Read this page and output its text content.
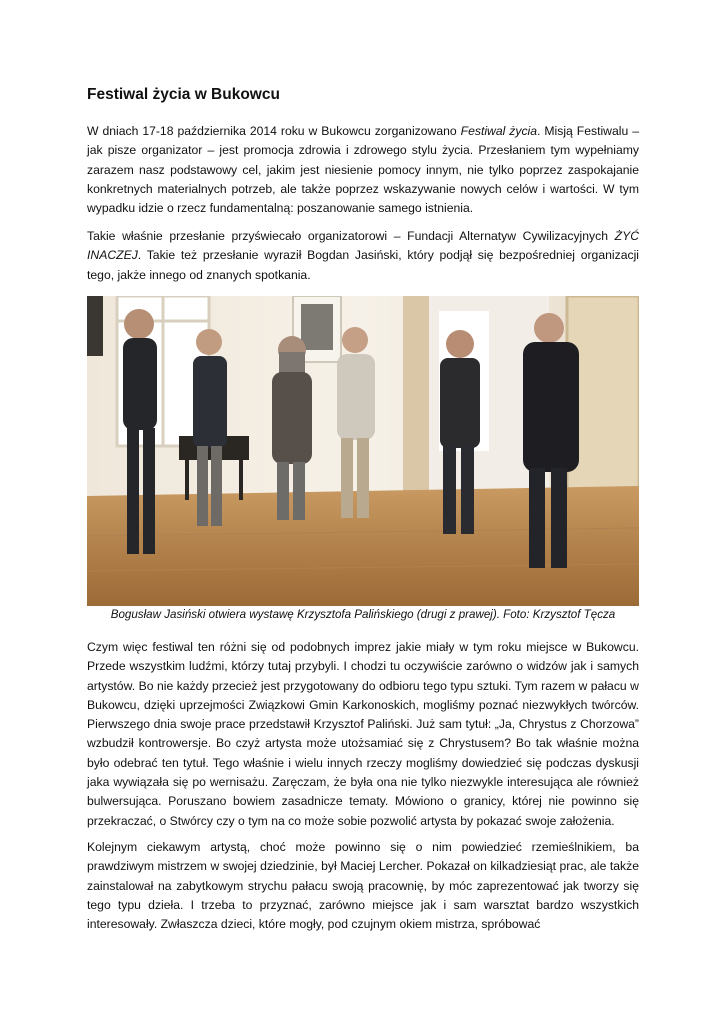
Festiwal życia w Bukowcu

W dniach 17-18 października 2014 roku w Bukowcu zorganizowano Festiwal życia. Misją Festiwalu – jak pisze organizator – jest promocja zdrowia i zdrowego stylu życia. Przesłaniem tym wypełniamy zarazem nasz podstawowy cel, jakim jest niesienie pomocy innym, nie tylko poprzez zaspokajanie konkretnych materialnych potrzeb, ale także poprzez wskazywanie nowych celów i wartości. W tym wypadku idzie o rzecz fundamentalną: poszanowanie samego istnienia.

Takie właśnie przesłanie przyświecało organizatorowi – Fundacji Alternatyw Cywilizacyjnych ŻYĆ INACZEJ. Takie też przesłanie wyraził Bogdan Jasiński, który podjął się bezpośredniej organizacji tego, jakże innego od znanych spotkania.

Bogusław Jasiński otwiera wystawę Krzysztofa Palińskiego (drugi z prawej). Foto: Krzysztof Tęcza

Czym więc festiwal ten różni się od podobnych imprez jakie miały w tym roku miejsce w Bukowcu. Przede wszystkim ludźmi, którzy tutaj przybyli. I chodzi tu oczywiście zarówno o widzów jak i samych artystów. Bo nie każdy przecież jest przygotowany do odbioru tego typu sztuki. Tym razem w pałacu w Bukowcu, dzięki uprzejmości Związkowi Gmin Karkonoskich, mogliśmy poznać niezwykłych twórców. Pierwszego dnia swoje prace przedstawił Krzysztof Paliński. Już sam tytuł: „Ja, Chrystus z Chorzowa” wzbudził kontrowersje. Bo czyż artysta może utożsamiać się z Chrystusem? Bo tak właśnie można było odebrać ten tytuł. Tego właśnie i wielu innych rzeczy mogliśmy dowiedzieć się podczas dyskusji jaka wywiązała się po wernisażu. Zaręczam, że była ona nie tylko niezwykle interesująca ale również bulwersująca. Poruszano bowiem zasadnicze tematy. Mówiono o granicy, której nie powinno się przekraczać, o Stwórcy czy o tym na co może sobie pozwolić artysta by pokazać swoje założenia.

Kolejnym ciekawym artystą, choć może powinno się o nim powiedzieć rzemieślnikiem, ba prawdziwym mistrzem w swojej dziedzinie, był Maciej Lercher. Pokazał on kilkadziesiąt prac, ale także zainstalował na zabytkowym strychu pałacu swoją pracownię, by móc zaprezentować jak tworzy się tego typu dzieła. I trzeba to przyznać, zarówno miejsce jak i sam warsztat bardzo wszystkich interesowały. Zwłaszcza dzieci, które mogły, pod czujnym okiem mistrza, spróbować
